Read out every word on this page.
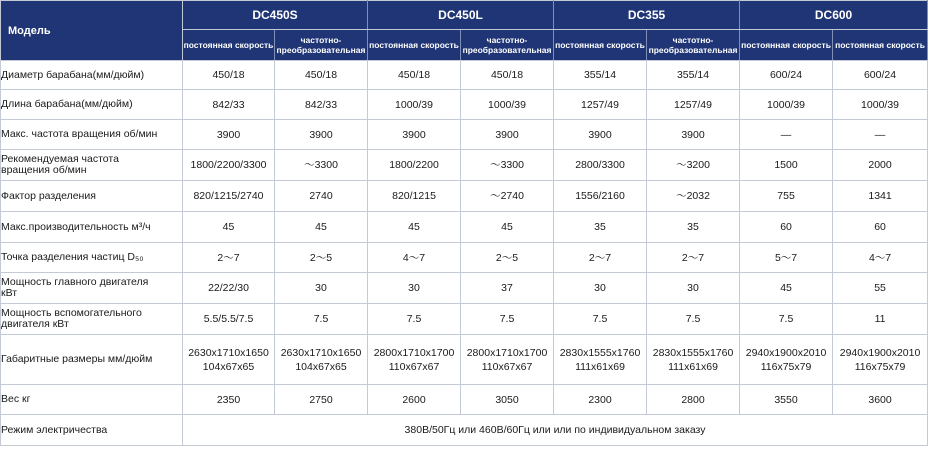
Модель	DC450S		DC450L		DC355		DC600	
	постоянная скорость	частотно-преобразовательная	постоянная скорость	частотно-преобразовательная	постоянная скорость	частотно-преобразовательная	постоянная скорость	постоянная скорость
Диаметр барабана(мм/дюйм)	450/18	450/18	450/18	450/18	355/14	355/14	600/24	600/24
Длина барабана(мм/дюйм)	842/33	842/33	1000/39	1000/39	1257/49	1257/49	1000/39	1000/39
Макс. частота вращения об/мин	3900	3900	3900	3900	3900	3900	—	—

Рекомендуемая частота
вращения об/мин	1800/2200/3300	～3300	1800/2200	～3300	2800/3300	～3200	1500	2000
Фактор разделения	820/1215/2740	2740	820/1215	～2740	1556/2160	～2032	755	1341
Макс.производительность м³/ч	45	45	45	45	35	35	60	60
Точка разделения частиц D₅₀	2～7	2～5	4～7	2～5	2～7	2～7	5～7	4～7

Мощность главного двигателя
кВт	22/22/30	30	30	37	30	30	45	55

Мощность вспомогательного
двигателя кВт	5.5/5.5/7.5	7.5	7.5	7.5	7.5	7.5	7.5	11
Габаритные размеры мм/дюйм	2630x1710x1650
104x67x65	2630x1710x1650
104x67x65	2800x1710x1700
110x67x67	2800x1710x1700
110x67x67	2830x1555x1760
111x61x69	2830x1555x1760
111x61x69	2940x1900x2010
116x75x79	2940x1900x2010
116x75x79

Вес кг	2350	2750	2600	3050	2300	2800	3550	3600
Режим электричества	380В/50Гц или 460В/60Гц или или по индивидуальном заказу							
